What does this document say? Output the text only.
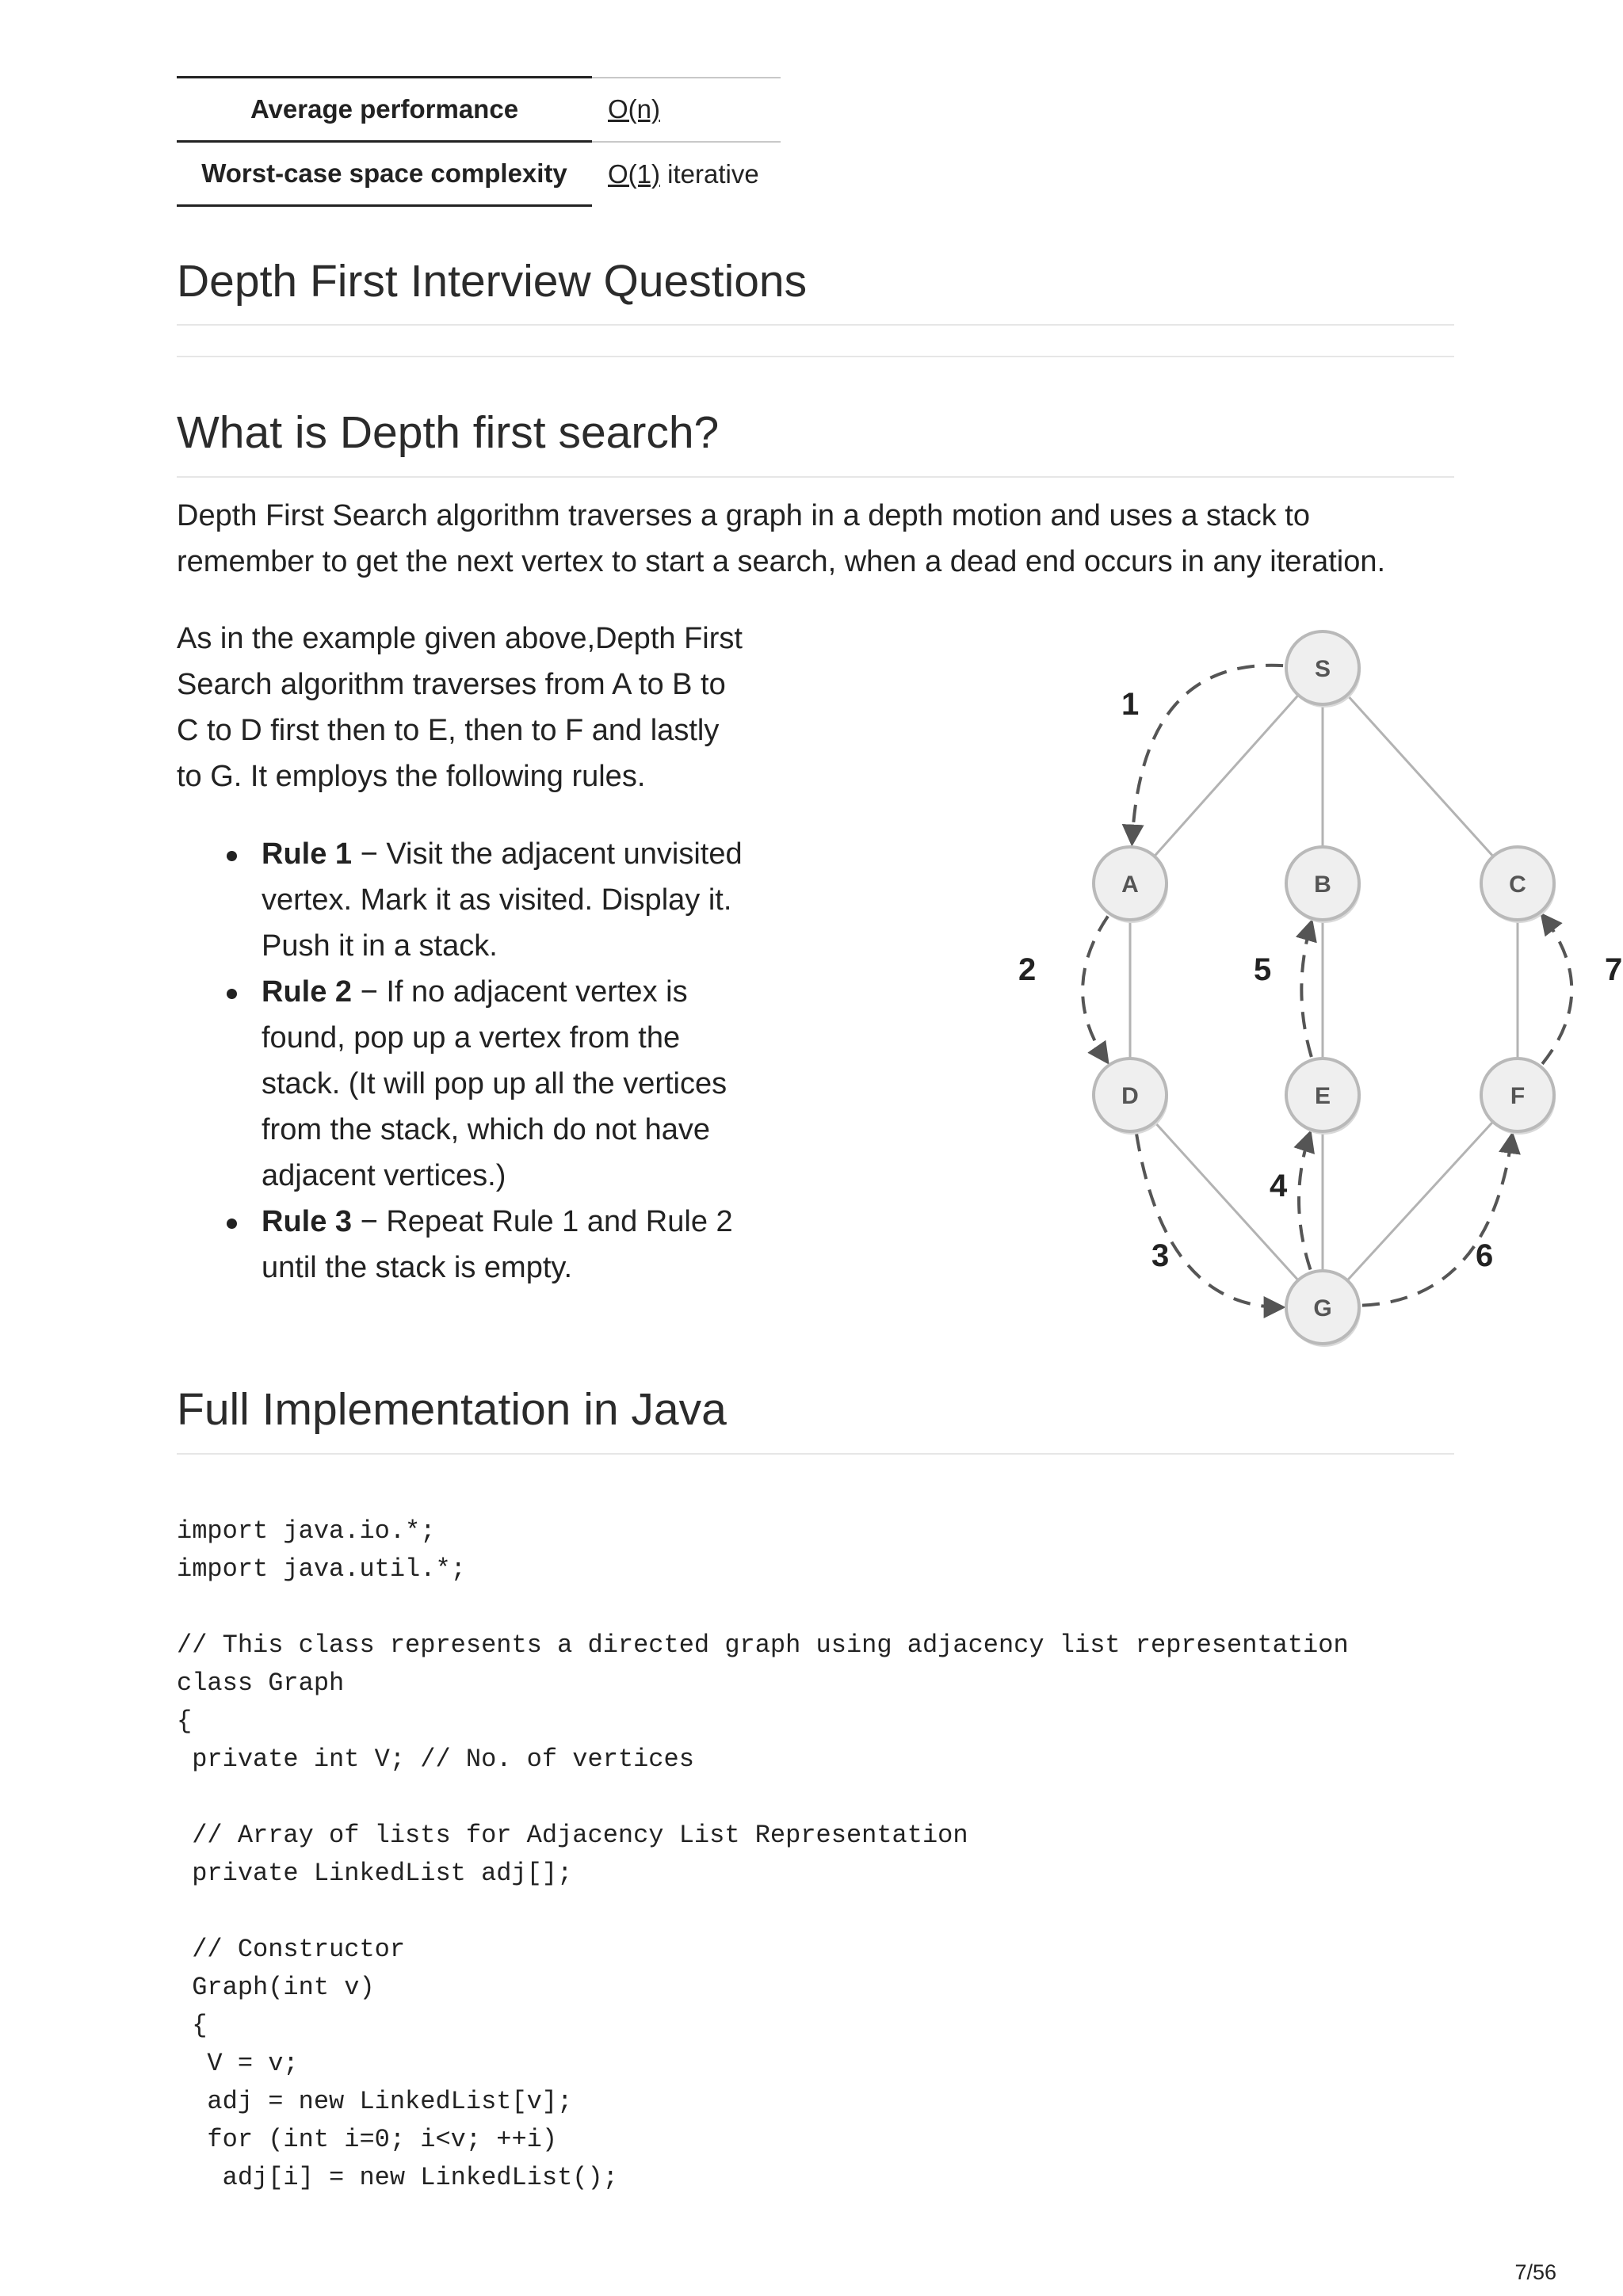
Average performance	O(n)
Worst-case space complexity	O(1) iterative
Depth First Interview Questions
What is Depth first search?

Depth First Search algorithm traverses a graph in a depth motion and uses a stack to remember to get the next vertex to start a search, when a dead end occurs in any iteration.

As in the example given above,Depth First
Search algorithm traverses from A to B to
C to D first then to E, then to F and lastly
to G. It employs the following rules.

Rule 1 − Visit the adjacent unvisited
vertex. Mark it as visited. Display it.
Push it in a stack.
Rule 2 − If no adjacent vertex is
found, pop up a vertex from the
stack. (It will pop up all the vertices
from the stack, which do not have
adjacent vertices.)
Rule 3 − Repeat Rule 1 and Rule 2
until the stack is empty.
1
2
3
4
5
6
7
S
A	B	C
D	E	F
G
Full Implementation in Java
import java.io.*;
import java.util.*;

// This class represents a directed graph using adjacency list representation
class Graph
{
private int V; // No. of vertices

// Array of lists for Adjacency List Representation
private LinkedList adj[];

// Constructor
Graph(int v)
{
V = v;
adj = new LinkedList[v];
for (int i=0; i<v; ++i)
adj[i] = new LinkedList();

7/56
